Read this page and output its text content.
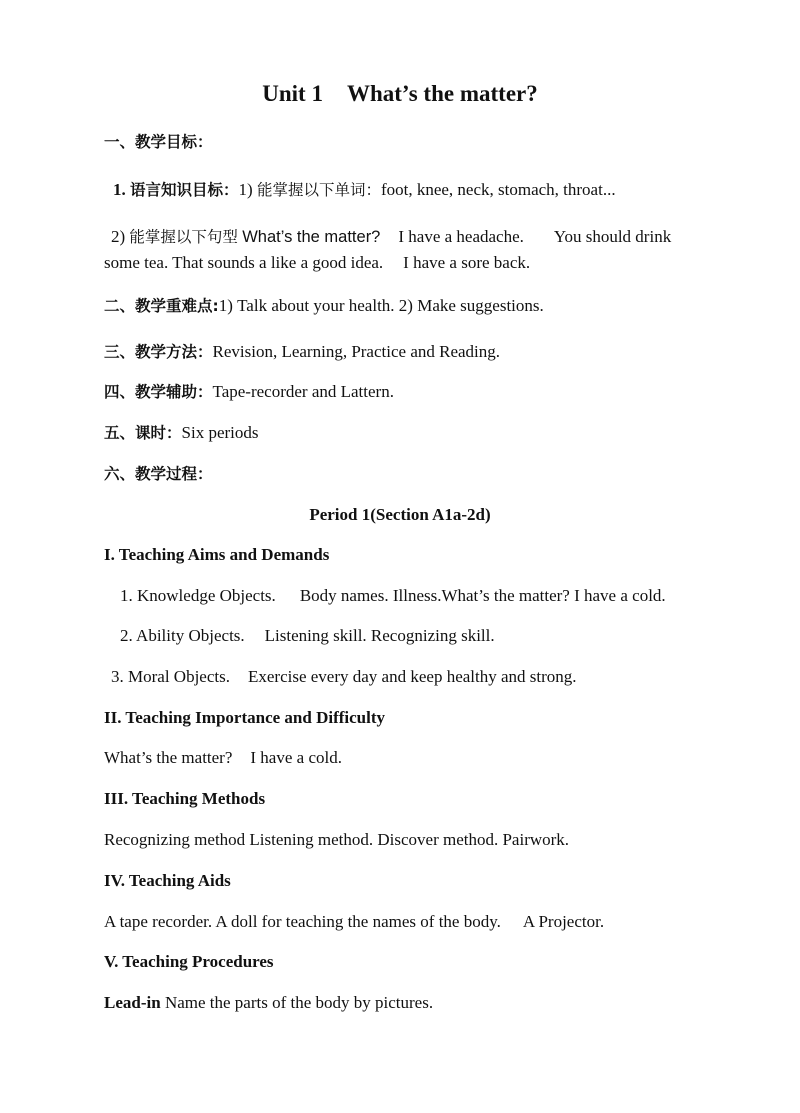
Unit 1 What’s the matter?
一、教学目标：
1. 语言知识目标：1) 能掌握以下单词：foot, knee, neck, stomach, throat...
2) 能掌握以下句型 What’s the matter? I have a headache. You should drink
some tea. That sounds a like a good idea. I have a sore back.
二、教学重难点:1) Talk about your health. 2) Make suggestions.
三、教学方法：Revision, Learning, Practice and Reading.
四、教学辅助：Tape-recorder and Lattern.
五、课时：Six periods
六、教学过程：
Period 1(Section A1a-2d)
I. Teaching Aims and Demands
1. Knowledge Objects. Body names. Illness.What’s the matter? I have a cold.
2. Ability Objects. Listening skill. Recognizing skill.
3. Moral Objects. Exercise every day and keep healthy and strong.
II. Teaching Importance and Difficulty
What’s the matter? I have a cold.
III. Teaching Methods
Recognizing method Listening method. Discover method. Pairwork.
IV. Teaching Aids
A tape recorder. A doll for teaching the names of the body. A Projector.
V. Teaching Procedures
Lead-in Name the parts of the body by pictures.
